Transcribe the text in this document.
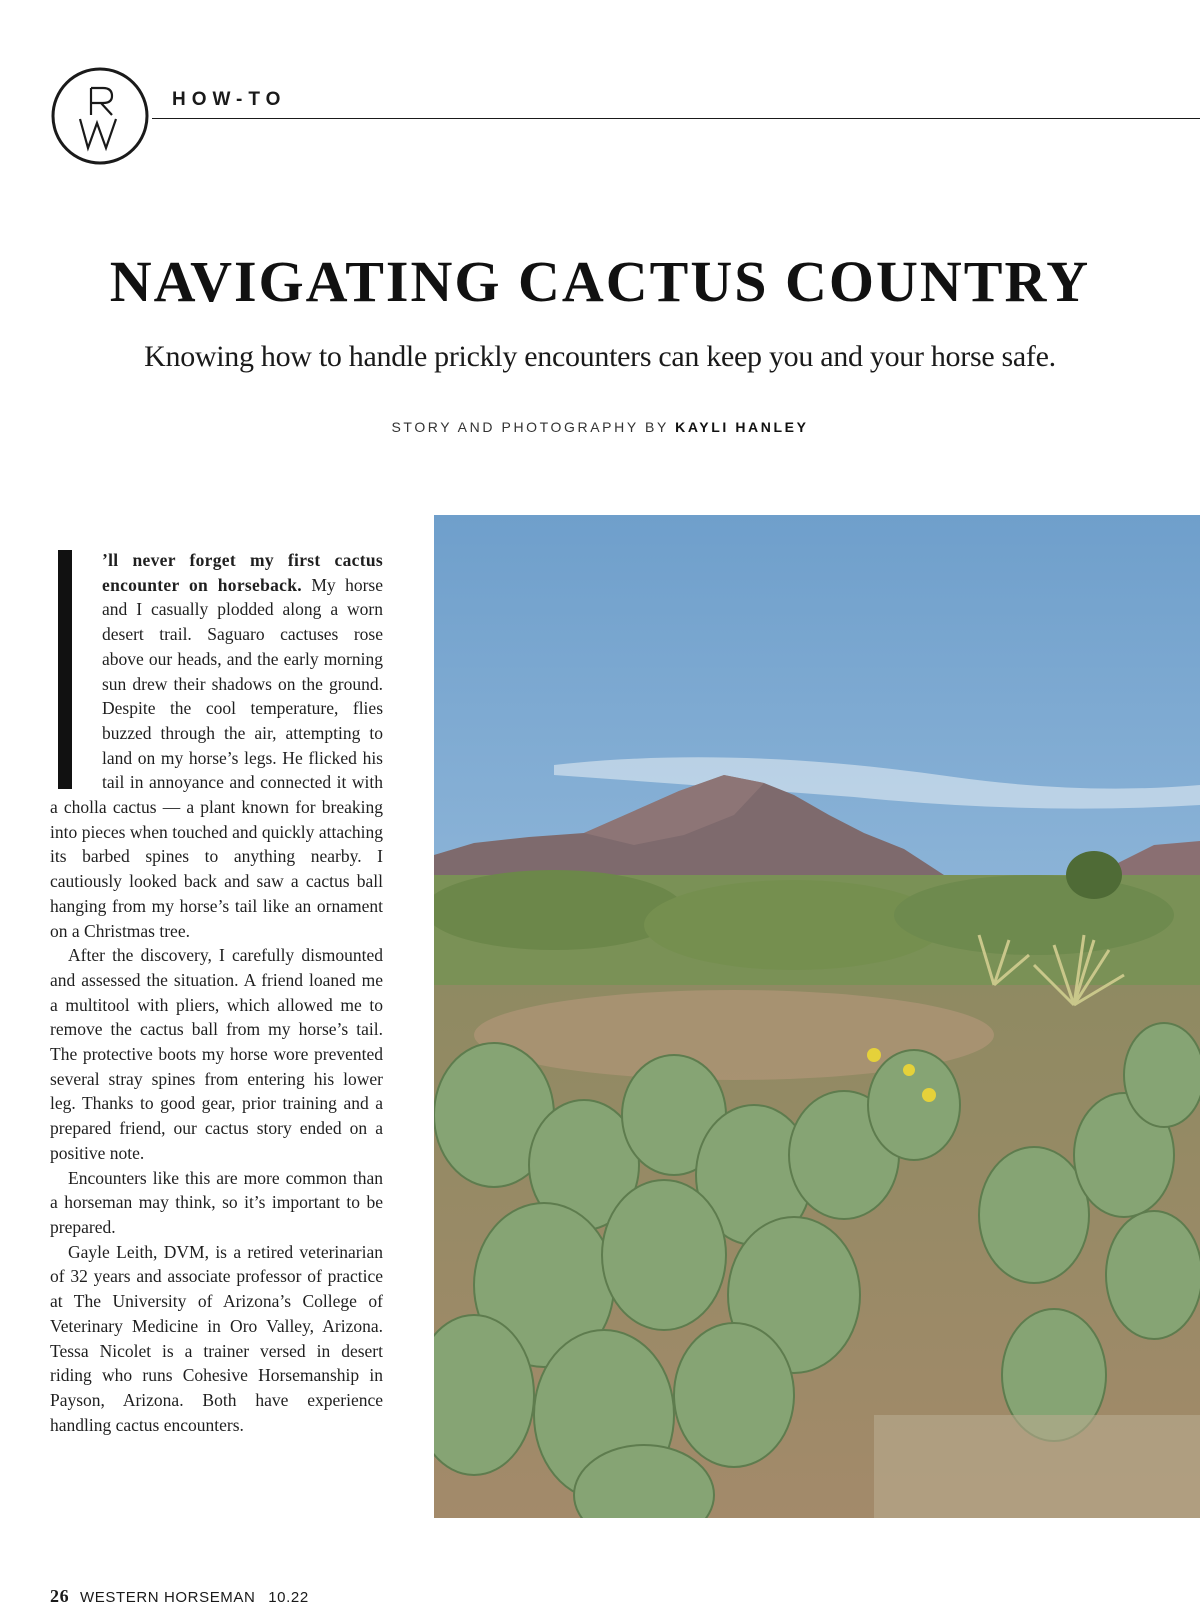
HOW-TO
NAVIGATING CACTUS COUNTRY

Knowing how to handle prickly encounters can keep you and your horse safe.

STORY AND PHOTOGRAPHY BY KAYLI HANLEY

’ll never forget my first cactus encounter on horseback. My horse and I casually plodded along a worn desert trail. Saguaro cactuses rose above our heads, and the early morning sun drew their shadows on the ground. Despite the cool temperature, flies buzzed through the air, attempting to land on my horse’s legs. He flicked his tail in annoyance and connected it with a cholla cactus — a plant known for breaking into pieces when touched and quickly attaching its barbed spines to anything nearby. I cautiously looked back and saw a cactus ball hanging from my horse’s tail like an ornament on a Christmas tree.

After the discovery, I carefully dismounted and assessed the situation. A friend loaned me a multitool with pliers, which allowed me to remove the cactus ball from my horse’s tail. The protective boots my horse wore prevented several stray spines from entering his lower leg. Thanks to good gear, prior training and a prepared friend, our cactus story ended on a positive note.

Encounters like this are more common than a horseman may think, so it’s important to be prepared.

Gayle Leith, DVM, is a retired veterinarian of 32 years and associate professor of practice at The University of Arizona’s College of Veterinary Medicine in Oro Valley, Arizona. Tessa Nicolet is a trainer versed in desert riding who runs Cohesive Horsemanship in Payson, Arizona. Both have experience handling cactus encounters.

26 WESTERN HORSEMAN 10.22
